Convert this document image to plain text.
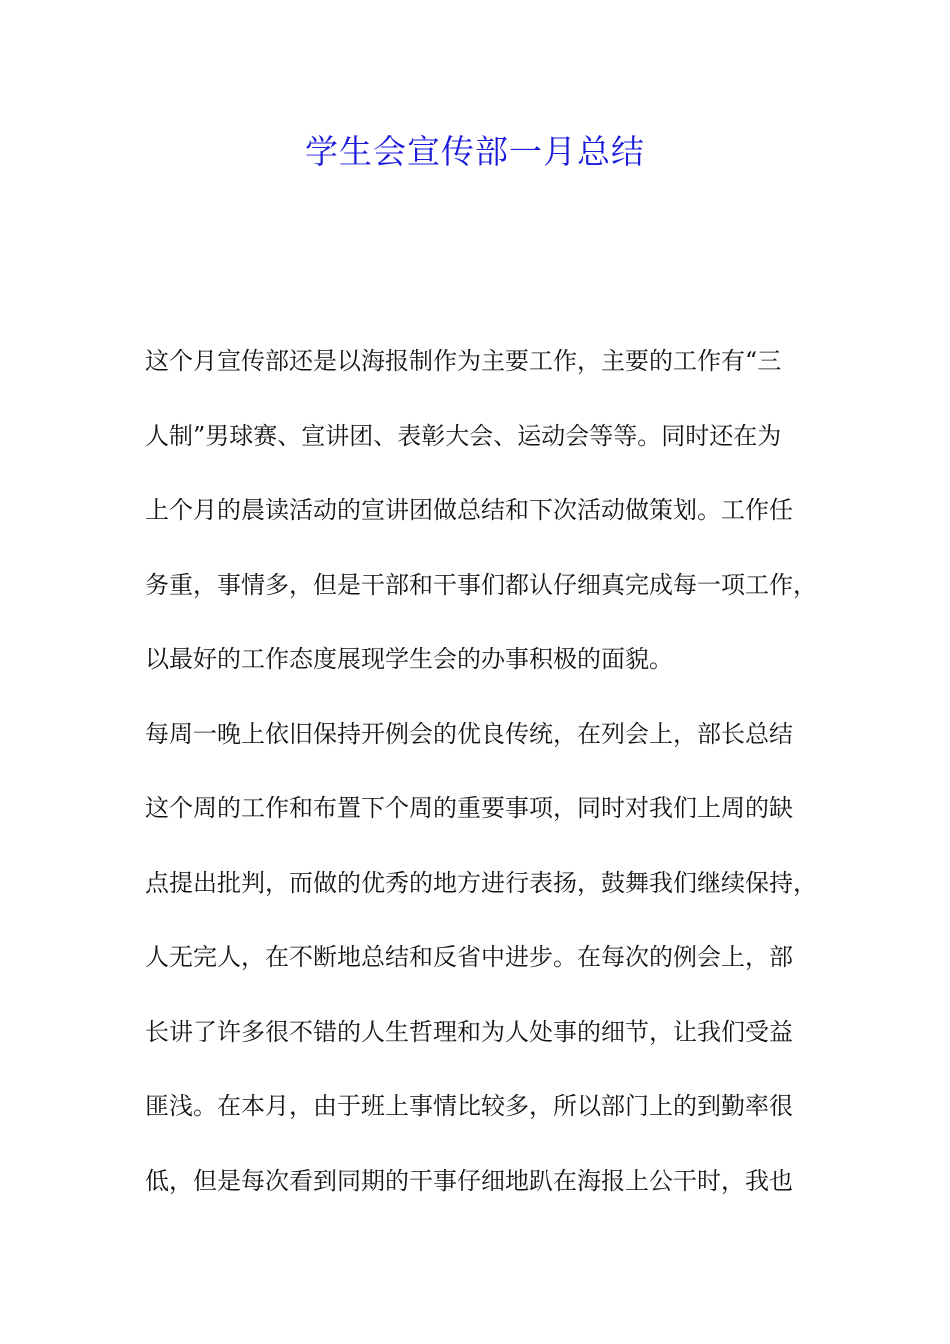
学生会宣传部一月总结
这个月宣传部还是以海报制作为主要工作，主要的工作有“三
人制”男球赛、宣讲团、表彰大会、运动会等等。同时还在为
上个月的晨读活动的宣讲团做总结和下次活动做策划。工作任
务重，事情多，但是干部和干事们都认仔细真完成每一项工作，
以最好的工作态度展现学生会的办事积极的面貌。
每周一晚上依旧保持开例会的优良传统，在列会上，部长总结
这个周的工作和布置下个周的重要事项，同时对我们上周的缺
点提出批判，而做的优秀的地方进行表扬，鼓舞我们继续保持，
人无完人，在不断地总结和反省中进步。在每次的例会上，部
长讲了许多很不错的人生哲理和为人处事的细节，让我们受益
匪浅。在本月，由于班上事情比较多，所以部门上的到勤率很
低，但是每次看到同期的干事仔细地趴在海报上公干时，我也
